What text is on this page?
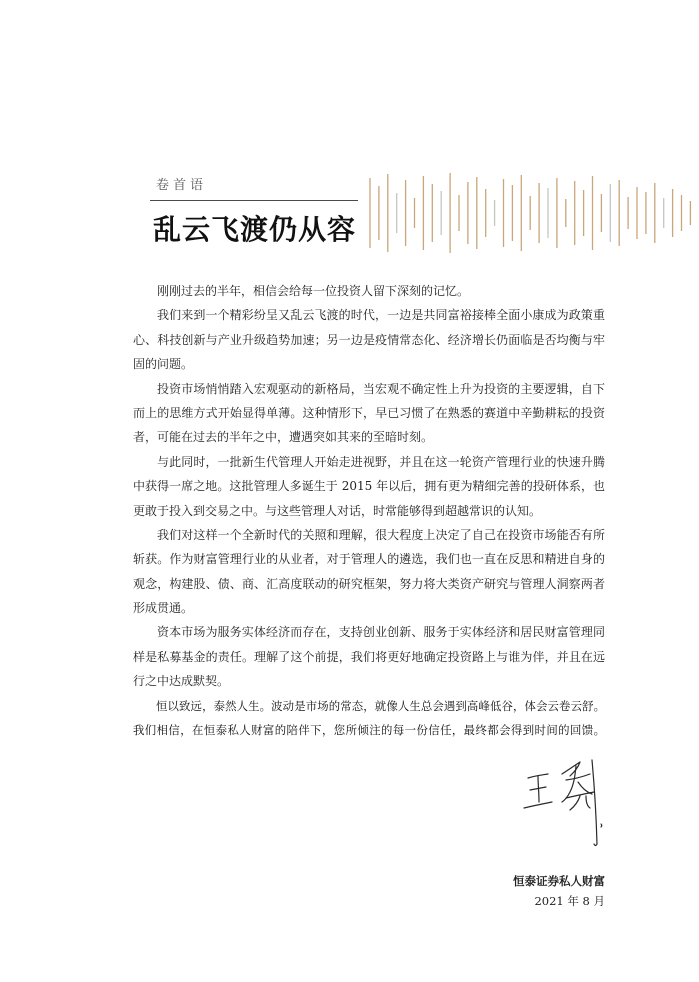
卷首语
乱云飞渡仍从容
刚刚过去的半年，相信会给每一位投资人留下深刻的记忆。
我们来到一个精彩纷呈又乱云飞渡的时代，一边是共同富裕接棒全面小康成为政策重
心、科技创新与产业升级趋势加速；另一边是疫情常态化、经济增长仍面临是否均衡与牢
固的问题。
投资市场悄悄踏入宏观驱动的新格局，当宏观不确定性上升为投资的主要逻辑，自下
而上的思维方式开始显得单薄。这种情形下，早已习惯了在熟悉的赛道中辛勤耕耘的投资
者，可能在过去的半年之中，遭遇突如其来的至暗时刻。
与此同时，一批新生代管理人开始走进视野，并且在这一轮资产管理行业的快速升腾
中获得一席之地。这批管理人多诞生于 2015 年以后，拥有更为精细完善的投研体系，也
更敢于投入到交易之中。与这些管理人对话，时常能够得到超越常识的认知。
我们对这样一个全新时代的关照和理解，很大程度上决定了自己在投资市场能否有所
斩获。作为财富管理行业的从业者，对于管理人的遴选，我们也一直在反思和精进自身的
观念，构建股、债、商、汇高度联动的研究框架，努力将大类资产研究与管理人洞察两者
形成贯通。
资本市场为服务实体经济而存在，支持创业创新、服务于实体经济和居民财富管理同
样是私募基金的责任。理解了这个前提，我们将更好地确定投资路上与谁为伴，并且在远
行之中达成默契。
恒以致远，泰然人生。波动是市场的常态，就像人生总会遇到高峰低谷，体会云卷云舒。
我们相信，在恒泰私人财富的陪伴下，您所倾注的每一份信任，最终都会得到时间的回馈。
恒泰证券私人财富
2021 年 8 月
